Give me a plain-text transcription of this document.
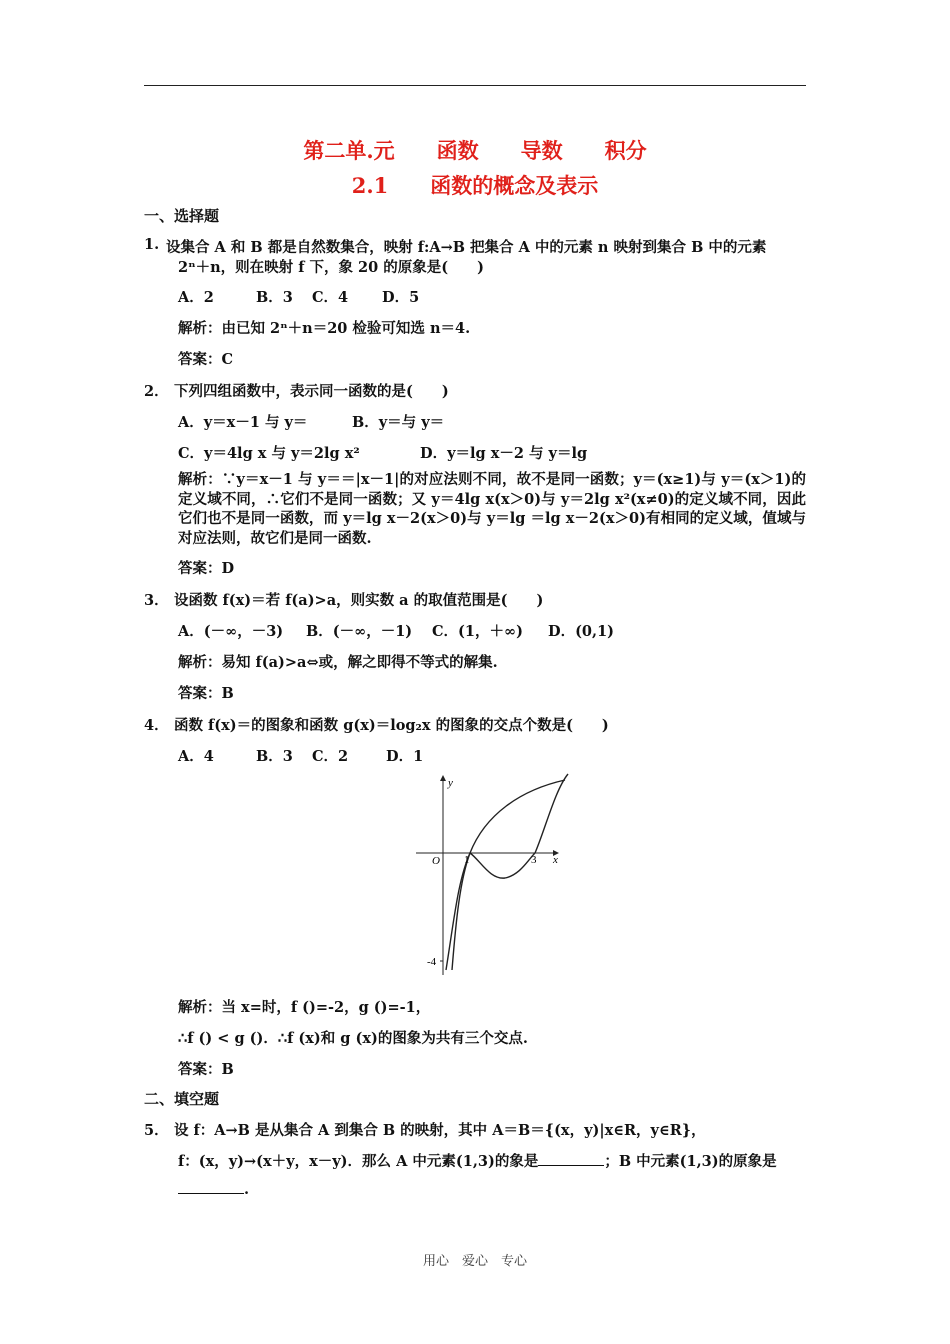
第二单.元　　函数　　导数　　积分
2.1　　函数的概念及表示
一、选择题
1. 设集合 A 和 B 都是自然数集合，映射 f:A→B 把集合 A 中的元素 n 映射到集合 B 中的元素
2ⁿ＋n，则在映射 f 下，象 20 的原象是(　　)
A．2	B．3 C．4 D．5
解析：由已知 2ⁿ＋n＝20 检验可知选 n＝4.
答案：C
2． 下列四组函数中，表示同一函数的是(　　)
A．y＝x－1 与 y＝	B．y＝与 y＝
C．y＝4lg x 与 y＝2lg x²	D．y＝lg x－2 与 y＝lg
解析：∵y＝x－1 与 y＝＝|x－1|的对应法则不同，故不是同一函数；y＝(x≥1)与 y＝(x＞1)的定义域不同，∴它们不是同一函数；又 y＝4lg x(x＞0)与 y＝2lg x²(x≠0)的定义域不同，因此它们也不是同一函数，而 y＝lg x－2(x＞0)与 y＝lg ＝lg x－2(x＞0)有相同的定义域，值域与对应法则，故它们是同一函数.
答案：D
3． 设函数 f(x)＝若 f(a)>a，则实数 a 的取值范围是(　　)
A．(－∞，－3) B．(－∞，－1) C．(1，＋∞) D．(0,1)
解析：易知 f(a)>a⇔或，解之即得不等式的解集.
答案：B
4． 函数 f(x)＝的图象和函数 g(x)＝log₂x 的图象的交点个数是(　　)
A．4	B．3 C．2	D．1
y
x
O 1	3
-4
解析：当 x=时，f ()=-2，g ()=-1，
∴f () < g ()．∴f (x)和 g (x)的图象为共有三个交点.
答案：B
二、填空题
5． 设 f：A→B 是从集合 A 到集合 B 的映射，其中 A＝B＝{(x，y)|x∈R，y∈R}，
f：(x，y)→(x＋y，x－y)．那么 A 中元素(1,3)的象是	；B 中元素(1,3)的原象是
.
用心　爱心　专心
